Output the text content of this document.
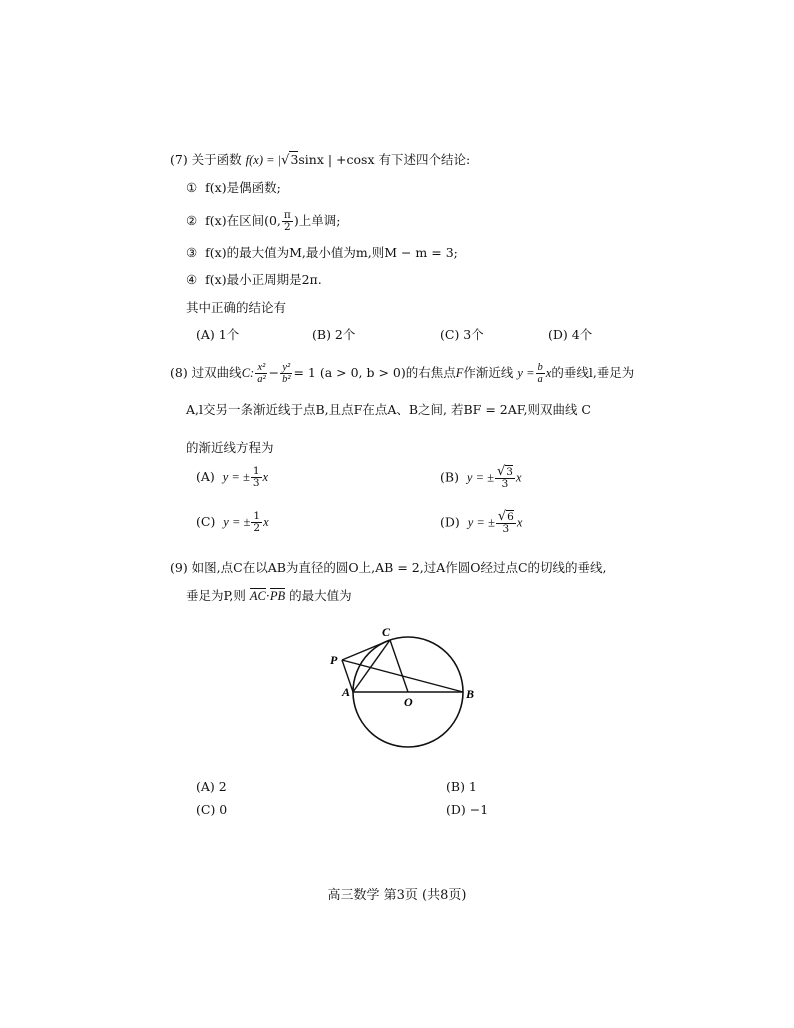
(7) 关于函数 f(x) = |√3sinx | +cosx 有下述四个结论:
① f(x)是偶函数;
② f(x)在区间(0, $\frac{\pi}{2}$ )上单调;
③ f(x)的最大值为M,最小值为m,则M − m = 3;
④ f(x)最小正周期是2π.
其中正确的结论有
(A) 1个	(B) 2个	(C) 3个	(D) 4个
(8) 过双曲线C: $\frac{\text{x²}}{\text{a²}} - \frac{\text{y²}}{\text{b²}} = 1$ (a > 0, b > 0)的右焦点F作渐近线 $y = \frac{b}{a}$ x的垂线l,垂足为
A,l交另一条渐近线于点B,且点F在点A、B之间, 若BF = 2AF,则双曲线 C
的渐近线方程为
(A) y = ± $\frac{1}{3}$ x	(B) y = ± $\frac{√3}{3}$ x
(C) y = ± $\frac{1}{2}$ x	(D) y = ± $\frac{√6}{3}$ x
(9) 如图,点C在以AB为直径的圆O上,AB = 2,过A作圆O经过点C的切线的垂线,
垂足为P,则 AC·PB 的最大值为
P
C
A
O
B
(A) 2	(B) 1
(C) 0	(D) −1
高三数学 第3页 (共8页)
